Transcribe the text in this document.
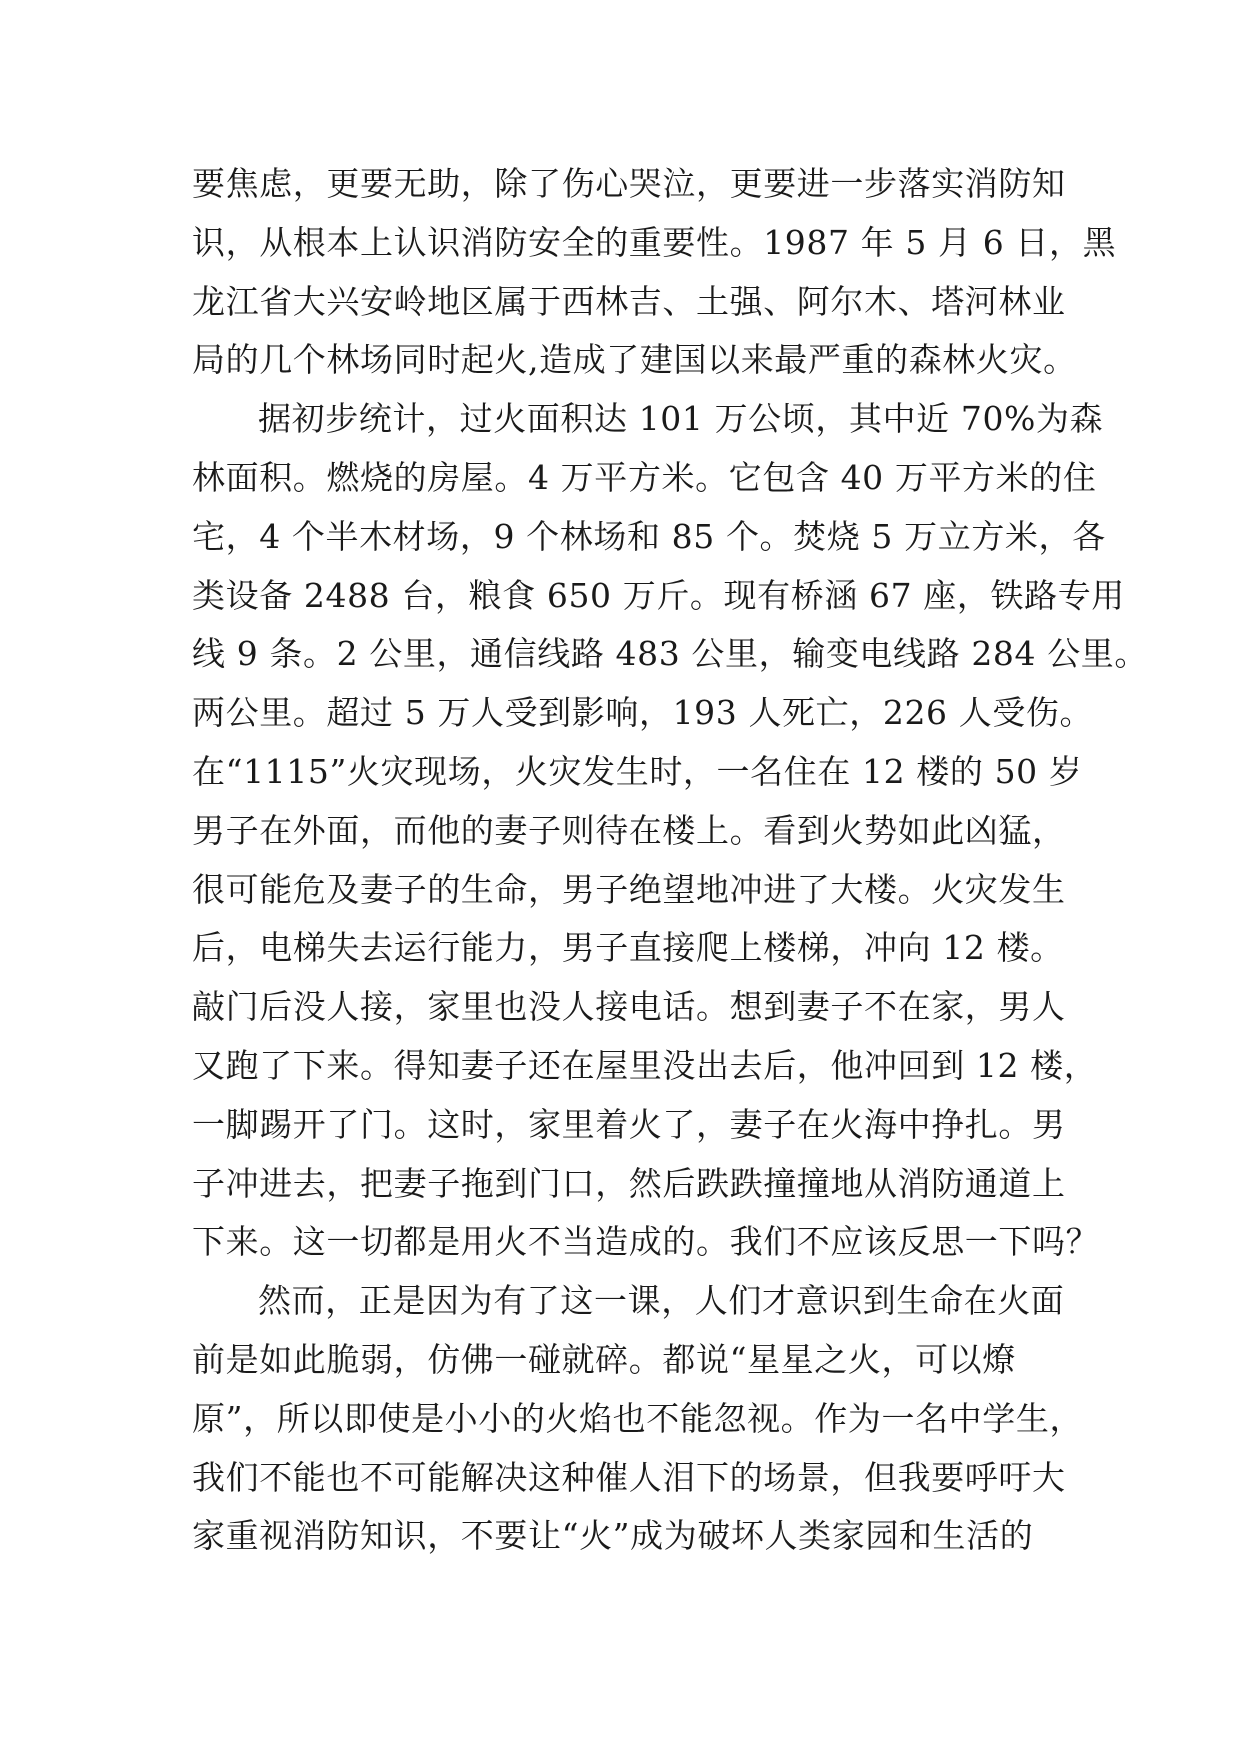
要焦虑，更要无助，除了伤心哭泣，更要进一步落实消防知
识，从根本上认识消防安全的重要性。1987 年 5 月 6 日，黑
龙江省大兴安岭地区属于西林吉、土强、阿尔木、塔河林业
局的几个林场同时起火,造成了建国以来最严重的森林火灾。
据初步统计，过火面积达 101 万公顷，其中近 70%为森
林面积。燃烧的房屋。4 万平方米。它包含 40 万平方米的住
宅，4 个半木材场，9 个林场和 85 个。焚烧 5 万立方米，各
类设备 2488 台，粮食 650 万斤。现有桥涵 67 座，铁路专用
线 9 条。2 公里，通信线路 483 公里，输变电线路 284 公里。
两公里。超过 5 万人受到影响，193 人死亡，226 人受伤。
在“1115”火灾现场，火灾发生时，一名住在 12 楼的 50 岁
男子在外面，而他的妻子则待在楼上。看到火势如此凶猛，
很可能危及妻子的生命，男子绝望地冲进了大楼。火灾发生
后，电梯失去运行能力，男子直接爬上楼梯，冲向 12 楼。
敲门后没人接，家里也没人接电话。想到妻子不在家，男人
又跑了下来。得知妻子还在屋里没出去后，他冲回到 12 楼，
一脚踢开了门。这时，家里着火了，妻子在火海中挣扎。男
子冲进去，把妻子拖到门口，然后跌跌撞撞地从消防通道上
下来。这一切都是用火不当造成的。我们不应该反思一下吗？
然而，正是因为有了这一课，人们才意识到生命在火面
前是如此脆弱，仿佛一碰就碎。都说“星星之火，可以燎
原”，所以即使是小小的火焰也不能忽视。作为一名中学生，
我们不能也不可能解决这种催人泪下的场景，但我要呼吁大
家重视消防知识，不要让“火”成为破坏人类家园和生活的
